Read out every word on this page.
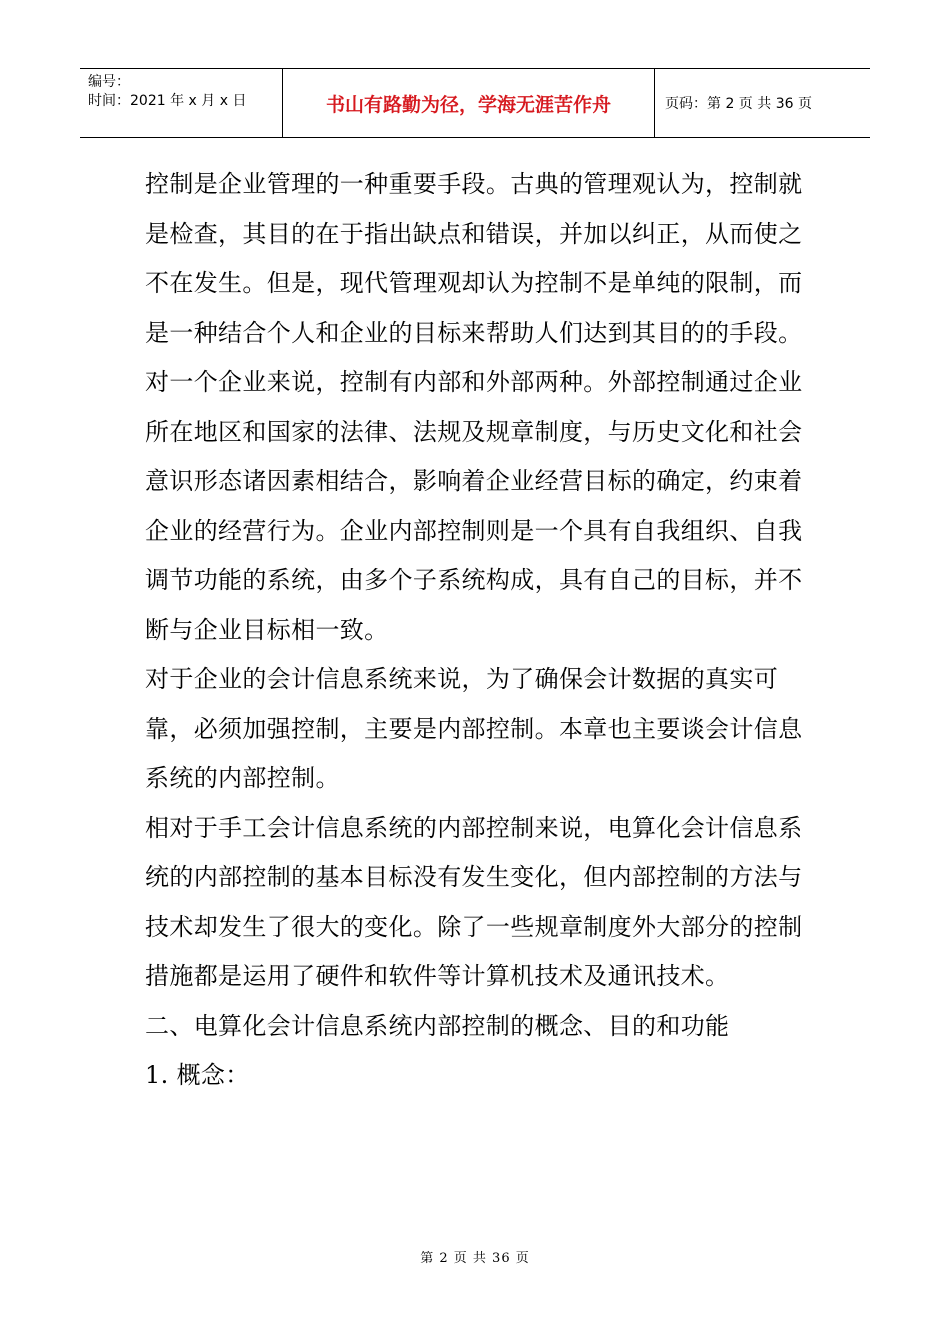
编号：
时间：2021 年 x 月 x 日	书山有路勤为径，学海无涯苦作舟	页码：第 2 页 共 36 页

控制是企业管理的一种重要手段。古典的管理观认为，控制就是检查，其目的在于指出缺点和错误，并加以纠正，从而使之不在发生。但是，现代管理观却认为控制不是单纯的限制，而是一种结合个人和企业的目标来帮助人们达到其目的的手段。对一个企业来说，控制有内部和外部两种。外部控制通过企业所在地区和国家的法律、法规及规章制度，与历史文化和社会意识形态诸因素相结合，影响着企业经营目标的确定，约束着企业的经营行为。企业内部控制则是一个具有自我组织、自我调节功能的系统，由多个子系统构成，具有自己的目标，并不断与企业目标相一致。

对于企业的会计信息系统来说，为了确保会计数据的真实可靠，必须加强控制，主要是内部控制。本章也主要谈会计信息系统的内部控制。

相对于手工会计信息系统的内部控制来说，电算化会计信息系统的内部控制的基本目标没有发生变化，但内部控制的方法与技术却发生了很大的变化。除了一些规章制度外大部分的控制措施都是运用了硬件和软件等计算机技术及通讯技术。

二、电算化会计信息系统内部控制的概念、目的和功能

1. 概念：

第 2 页 共 36 页
